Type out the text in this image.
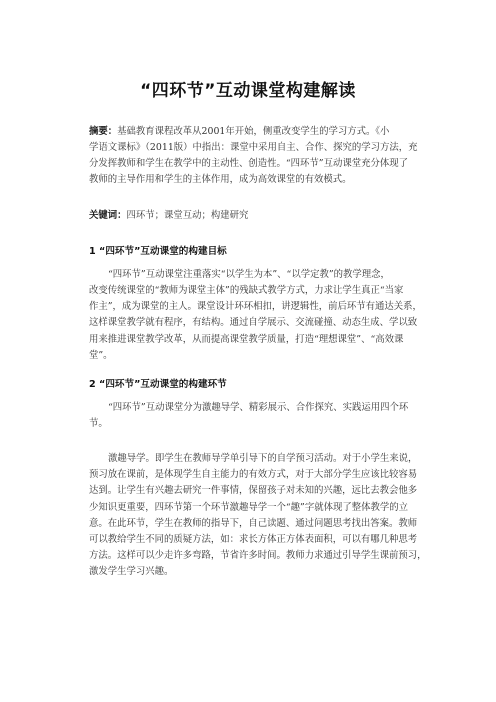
“四环节”互动课堂构建解读
摘要：基础教育课程改革从2001年开始，侧重改变学生的学习方式。《小
学语文课标》（2011版）中指出：课堂中采用自主、合作、探究的学习方法，充
分发挥教师和学生在教学中的主动性、创造性。“四环节”互动课堂充分体现了
教师的主导作用和学生的主体作用，成为高效课堂的有效模式。
关键词：四环节；课堂互动；构建研究
1 “四环节”互动课堂的构建目标
“四环节”互动课堂注重落实“以学生为本”、“以学定教”的教学理念，
改变传统课堂的“教师为课堂主体”的残缺式教学方式，力求让学生真正“当家
作主”，成为课堂的主人。课堂设计环环相扣，讲逻辑性，前后环节有通达关系，
这样课堂教学就有程序，有结构。通过自学展示、交流碰撞、动态生成、学以致
用来推进课堂教学改革，从而提高课堂教学质量，打造“理想课堂”、“高效课
堂”。
2 “四环节”互动课堂的构建环节
“四环节”互动课堂分为激趣导学、精彩展示、合作探究、实践运用四个环
节。
激趣导学。即学生在教师导学单引导下的自学预习活动。对于小学生来说，
预习放在课前，是体现学生自主能力的有效方式，对于大部分学生应该比较容易
达到。让学生有兴趣去研究一件事情，保留孩子对未知的兴趣，远比去教会他多
少知识更重要，四环节第一个环节激趣导学一个“趣”字就体现了整体教学的立
意。在此环节，学生在教师的指导下，自己读题、通过问题思考找出答案。教师
可以教给学生不同的质疑方法，如：求长方体正方体表面积，可以有哪几种思考
方法。这样可以少走许多弯路，节省许多时间。教师力求通过引导学生课前预习，
激发学生学习兴趣。
